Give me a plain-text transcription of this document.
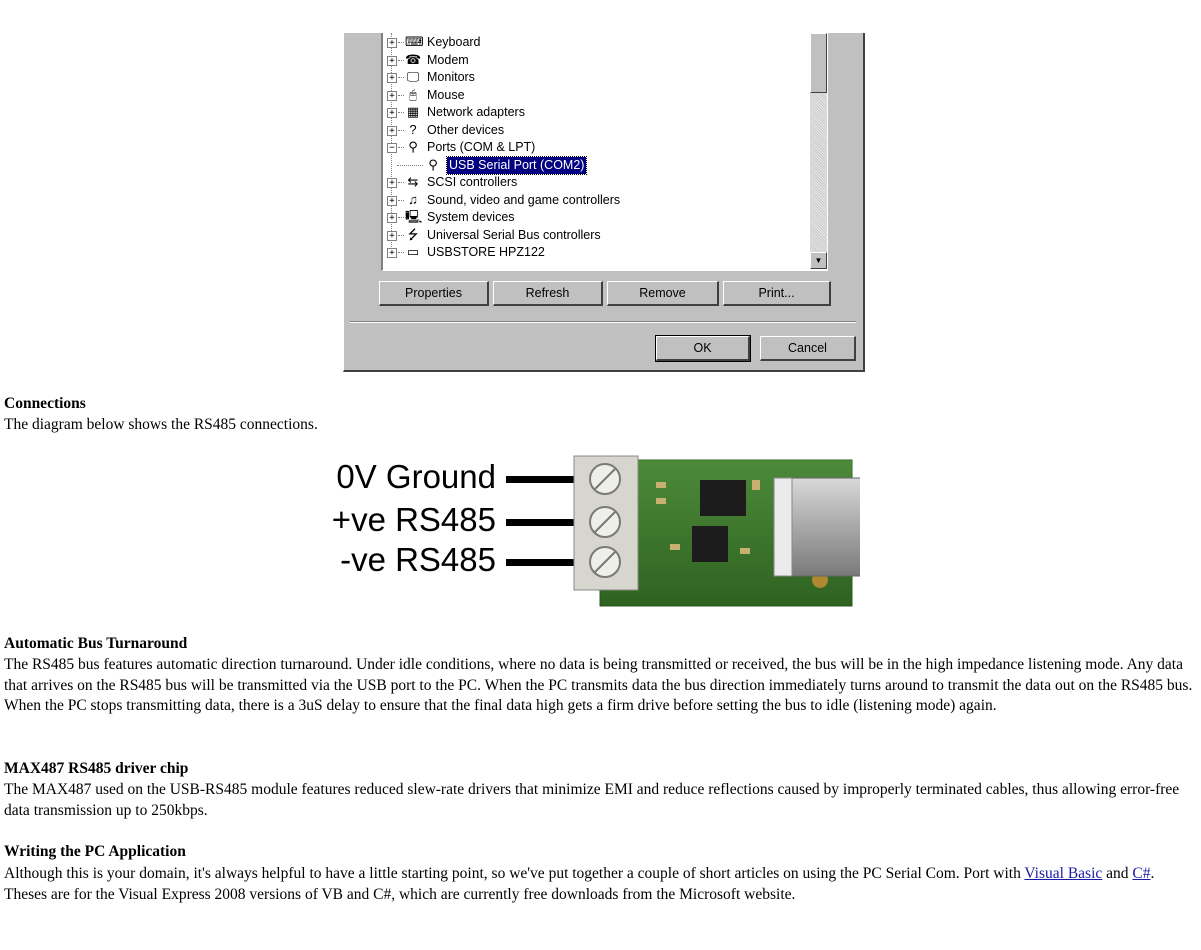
▼
+ ⌨ Keyboard
+ ☎ Modem
+ 🖵 Monitors
+	🖰 Mouse
+ ▦ Network adapters
+	? Other devices
− ⚲ Ports (COM & LPT)
⚲ USB Serial Port (COM2)
+ ⇆ SCSI controllers
+ ♫ Sound, video and game controllers
+ 🖳 System devices
+ ⭍ Universal Serial Bus controllers
+ ▭ USBSTORE HPZ122
Properties	Refresh	Remove	Print...
OK	Cancel
Connections
The diagram below shows the RS485 connections.
0V Ground
+ve RS485
-ve RS485
Automatic Bus Turnaround
The RS485 bus features automatic direction turnaround. Under idle conditions, where no data is being transmitted or received, the bus will be in the high impedance listening mode. Any data that arrives on the RS485 bus will be transmitted via the USB port to the PC. When the PC transmits data the bus direction immediately turns around to transmit the data out on the RS485 bus. When the PC stops transmitting data, there is a 3uS delay to ensure that the final data high gets a firm drive before setting the bus to idle (listening mode) again.
MAX487 RS485 driver chip
The MAX487 used on the USB-RS485 module features reduced slew-rate drivers that minimize EMI and reduce reflections caused by improperly terminated cables, thus allowing error-free data transmission up to 250kbps.
Writing the PC Application
Although this is your domain, it's always helpful to have a little starting point, so we've put together a couple of short articles on using the PC Serial Com. Port with Visual Basic and C#. Theses are for the Visual Express 2008 versions of VB and C#, which are currently free downloads from the Microsoft website.
